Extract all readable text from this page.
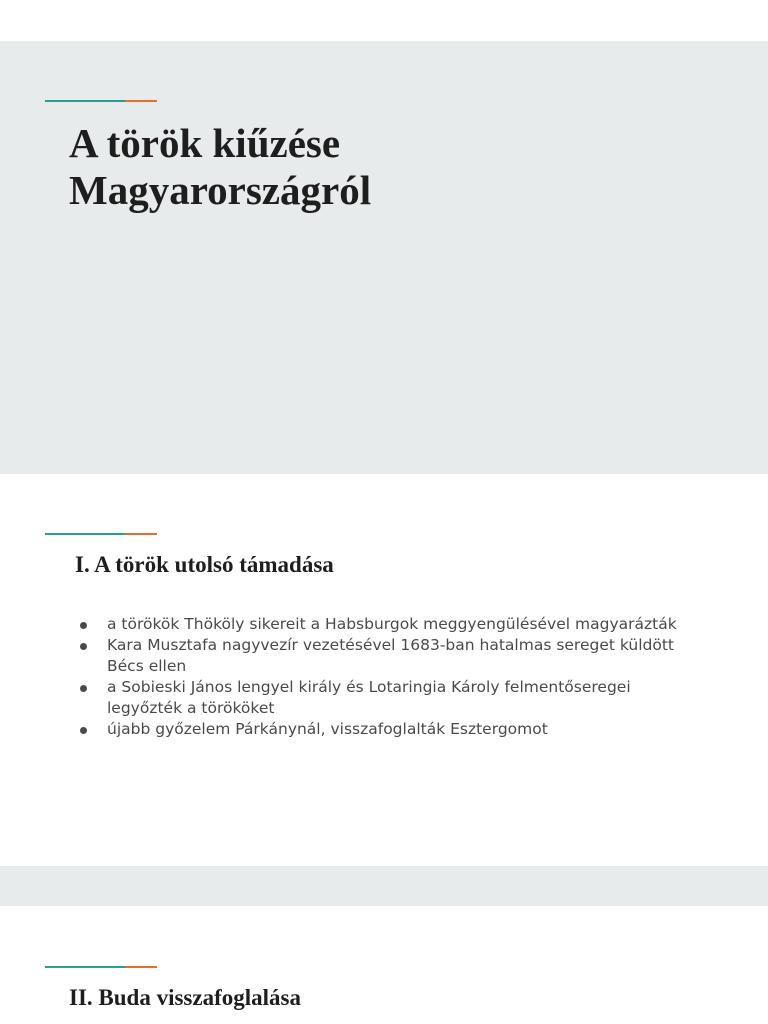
A török kiűzése
Magyarországról
I. A török utolsó támadása
a törökök Thököly sikereit a Habsburgok meggyengülésével magyarázták
Kara Musztafa nagyvezír vezetésével 1683-ban hatalmas sereget küldött
Bécs ellen
a Sobieski János lengyel király és Lotaringia Károly felmentőseregei
legyőzték a törököket
újabb győzelem Párkánynál, visszafoglalták Esztergomot
II. Buda visszafoglalása
